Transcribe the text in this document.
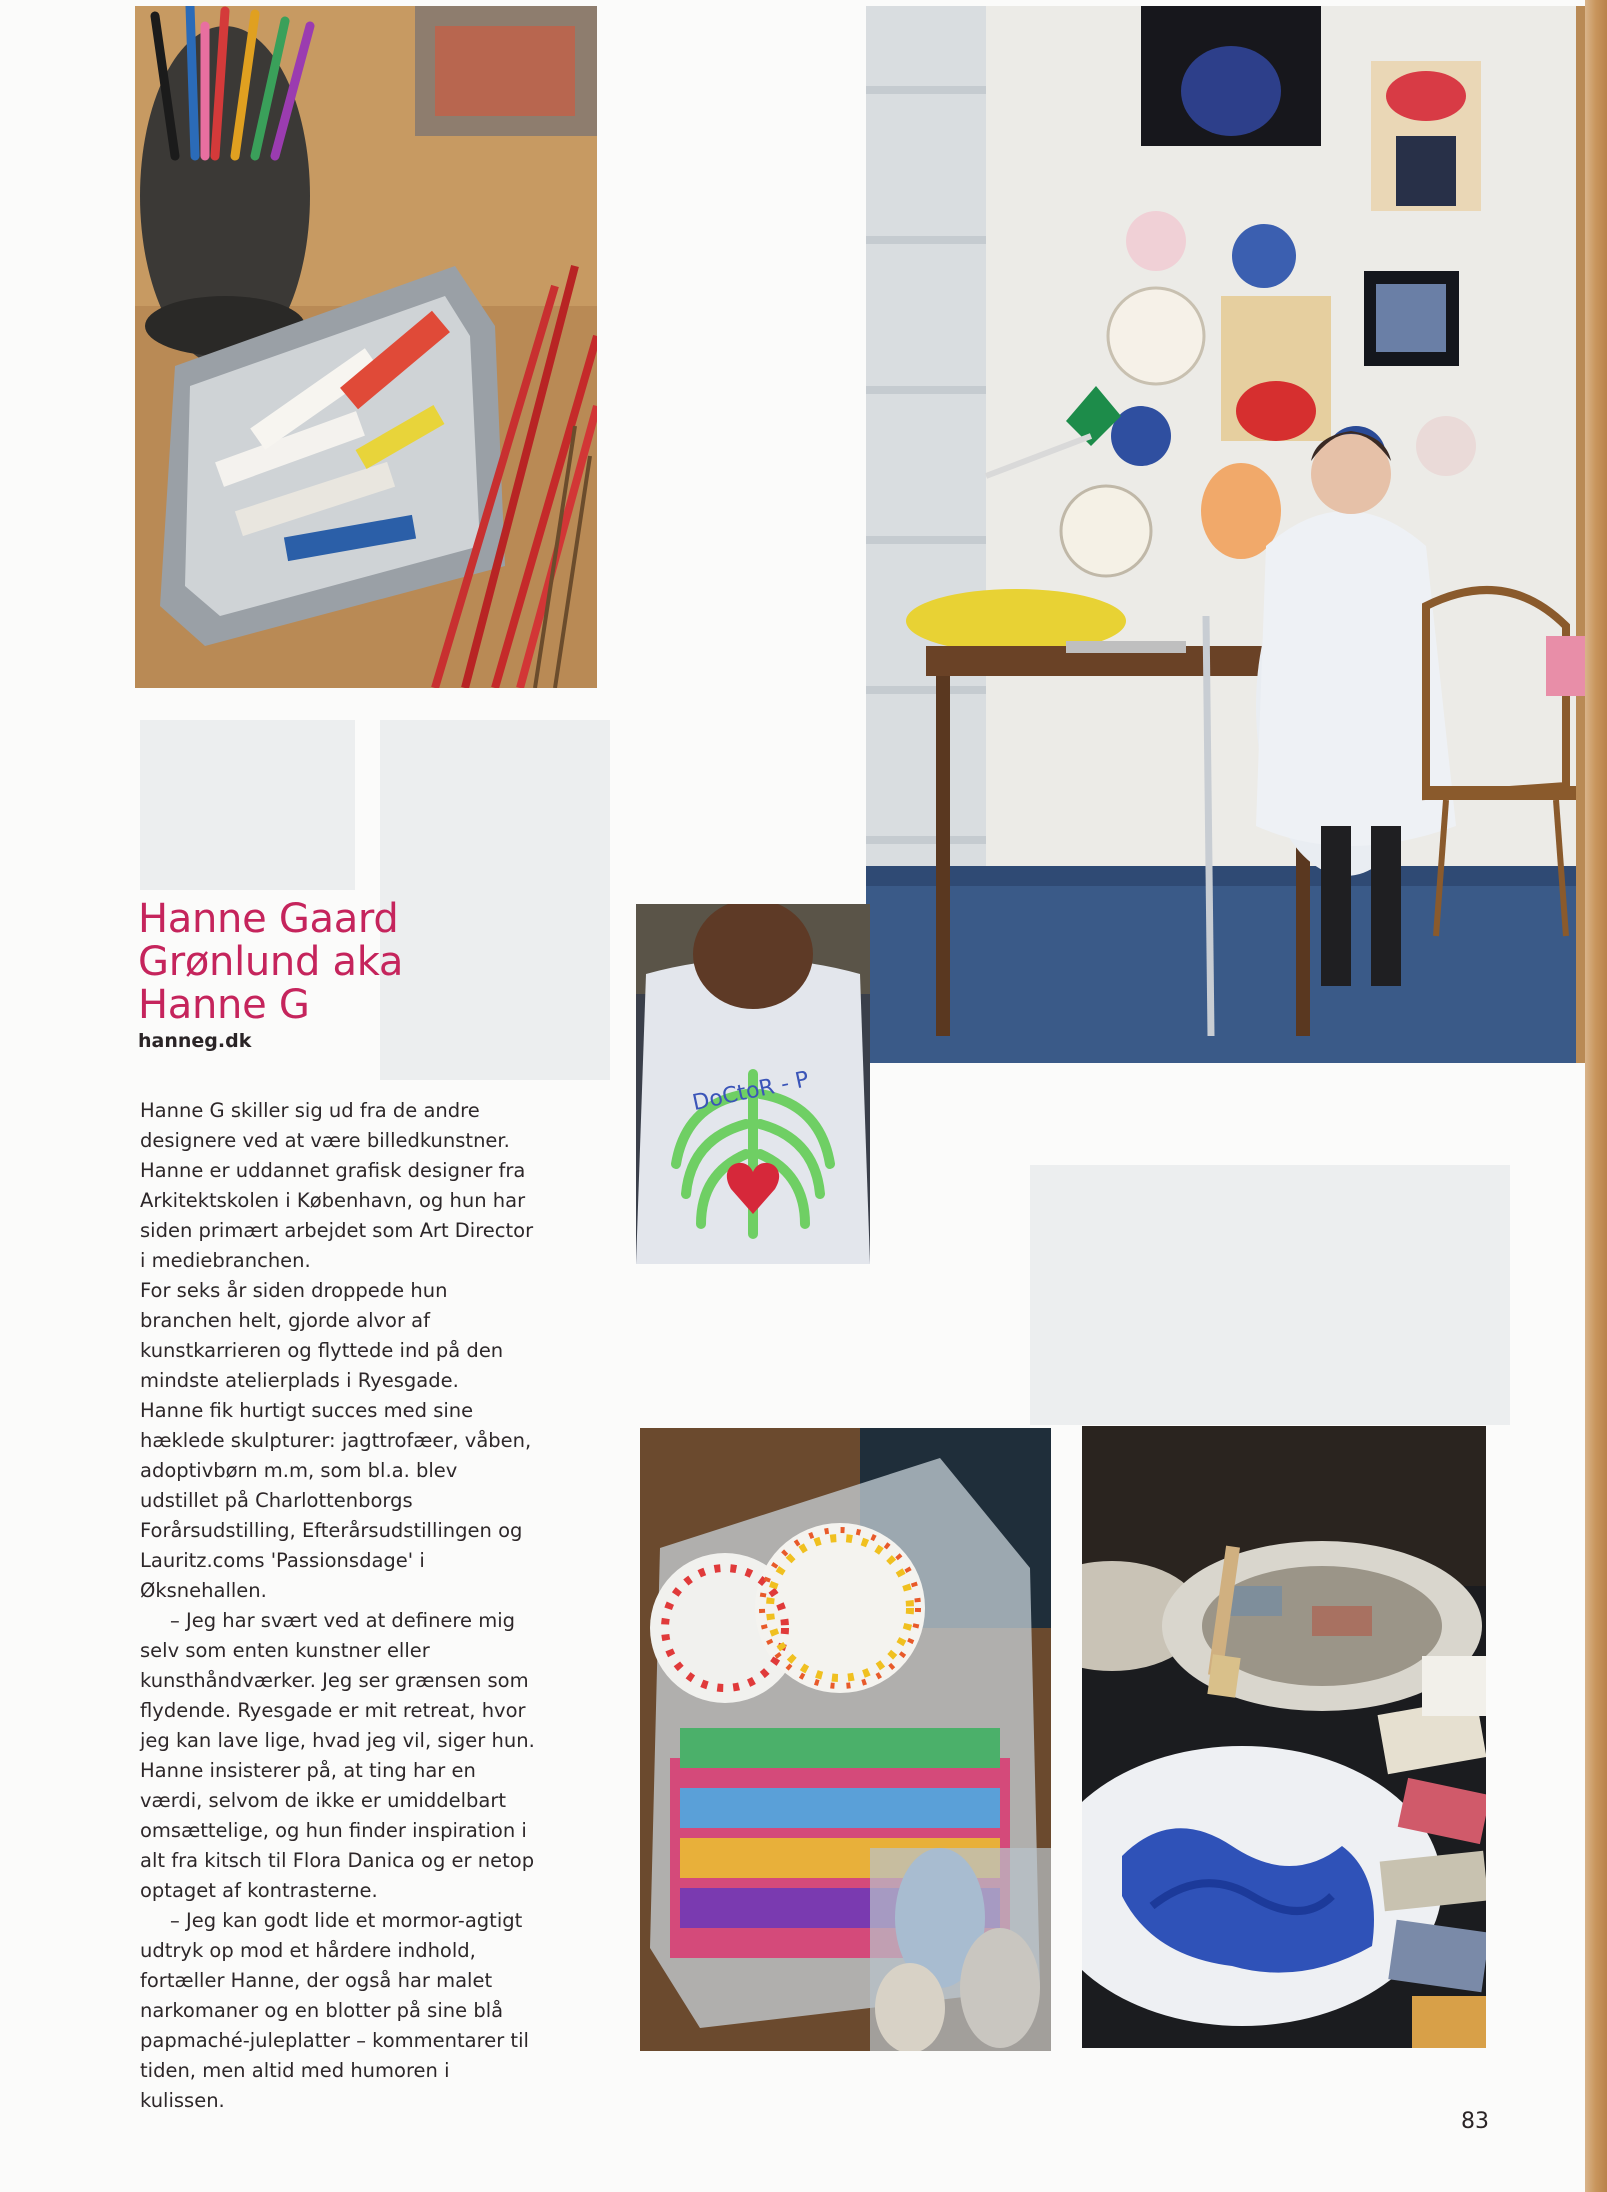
DoCtoR - P
Hanne Gaard
Grønlund aka
Hanne G
hanneg.dk

Hanne G skiller sig ud fra de andre designere ved at være billedkunstner. Hanne er uddannet grafisk designer fra Arkitektskolen i København, og hun har siden primært arbejdet som Art Director i mediebranchen.

For seks år siden droppede hun branchen helt, gjorde alvor af kunstkarrieren og flyttede ind på den mindste atelierplads i Ryesgade.

Hanne fik hurtigt succes med sine hæklede skulpturer: jagttrofæer, våben, adoptivbørn m.m, som bl.a. blev udstillet på Charlottenborgs Forårsudstilling, Efterårsudstillingen og Lauritz.coms 'Passionsdage' i Øksnehallen.

– Jeg har svært ved at definere mig selv som enten kunstner eller kunsthåndværker. Jeg ser grænsen som flydende. Ryesgade er mit retreat, hvor jeg kan lave lige, hvad jeg vil, siger hun.

Hanne insisterer på, at ting har en værdi, selvom de ikke er umiddelbart omsættelige, og hun finder inspiration i alt fra kitsch til Flora Danica og er netop optaget af kontrasterne.

– Jeg kan godt lide et mormor-agtigt udtryk op mod et hårdere indhold, fortæller Hanne, der også har malet narkomaner og en blotter på sine blå papmaché-juleplatter – kommentarer til tiden, men altid med humoren i kulissen.

83
